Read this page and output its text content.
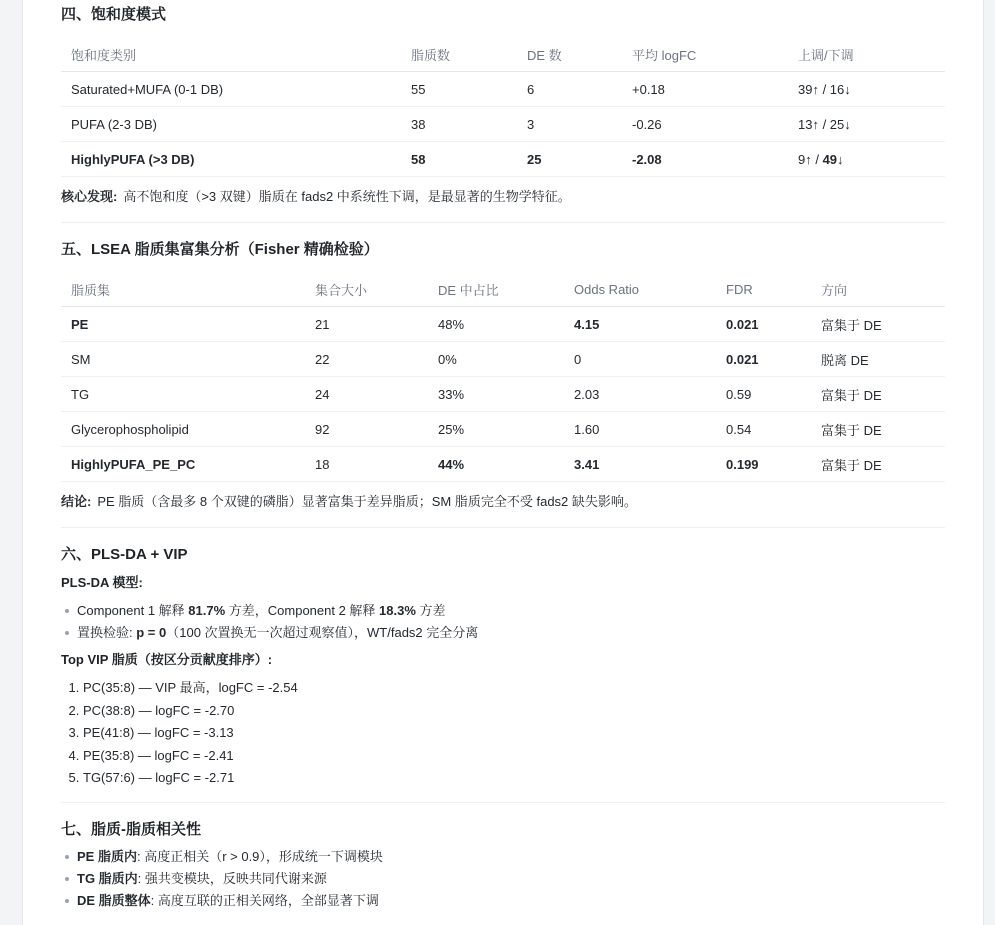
四、饱和度模式
饱和度类别	脂质数	DE 数	平均 logFC	上调/下调
Saturated+MUFA (0-1 DB)	55	6	+0.18	39↑ / 16↓
PUFA (2-3 DB)	38	3	-0.26	13↑ / 25↓
HighlyPUFA (>3 DB)	58	25	-2.08	9↑ / 49↓
核心发现: 高不饱和度（>3 双键）脂质在 fads2 中系统性下调，是最显著的生物学特征。
五、LSEA 脂质集富集分析（Fisher 精确检验）
脂质集	集合大小	DE 中占比	Odds Ratio	FDR	方向
PE	21	48%	4.15	0.021	富集于 DE
SM	22	0%	0	0.021	脱离 DE
TG	24	33%	2.03	0.59	富集于 DE
Glycerophospholipid	92	25%	1.60	0.54	富集于 DE
HighlyPUFA_PE_PC	18	44%	3.41	0.199	富集于 DE
结论: PE 脂质（含最多 8 个双键的磷脂）显著富集于差异脂质；SM 脂质完全不受 fads2 缺失影响。
六、PLS-DA + VIP
PLS-DA 模型:
Component 1 解释 81.7% 方差，Component 2 解释 18.3% 方差
置换检验: p = 0（100 次置换无一次超过观察值），WT/fads2 完全分离
Top VIP 脂质（按区分贡献度排序）:
1. PC(35:8) — VIP 最高，logFC = -2.54
2. PC(38:8) — logFC = -2.70
3. PE(41:8) — logFC = -3.13
4. PE(35:8) — logFC = -2.41
5. TG(57:6) — logFC = -2.71
七、脂质-脂质相关性
PE 脂质内: 高度正相关（r > 0.9），形成统一下调模块
TG 脂质内: 强共变模块，反映共同代谢来源
DE 脂质整体: 高度互联的正相关网络，全部显著下调
